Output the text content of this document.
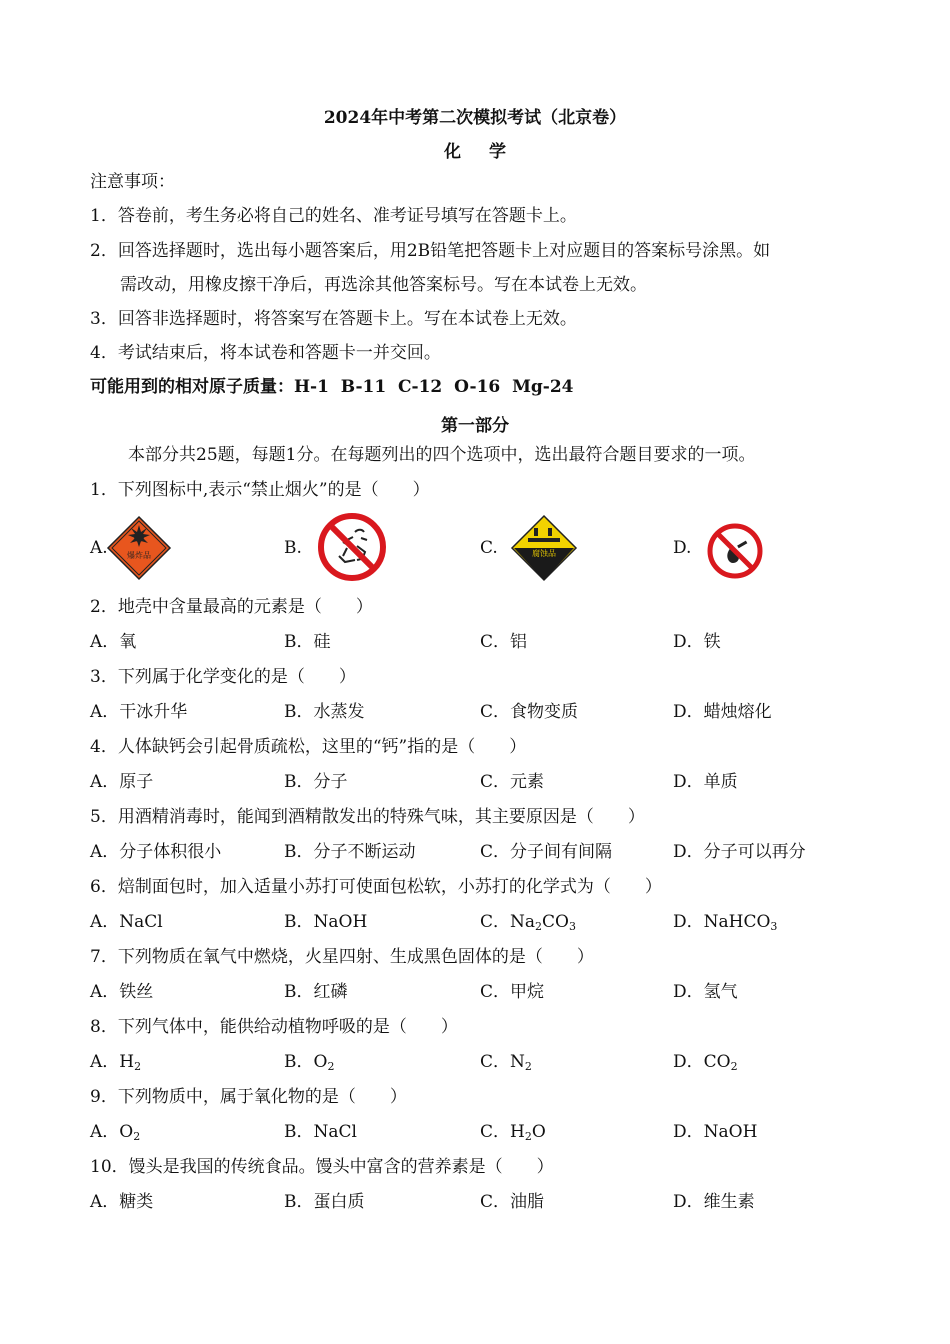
2024年中考第二次模拟考试（北京卷）
化学
注意事项：
1．答卷前，考生务必将自己的姓名、准考证号填写在答题卡上。
2．回答选择题时，选出每小题答案后，用2B铅笔把答题卡上对应题目的答案标号涂黑。如
需改动，用橡皮擦干净后，再选涂其他答案标号。写在本试卷上无效。
3．回答非选择题时，将答案写在答题卡上。写在本试卷上无效。
4．考试结束后，将本试卷和答题卡一并交回。
可能用到的相对原子质量：H-1  B-11  C-12  O-16  Mg-24
第一部分
本部分共25题，每题1分。在每题列出的四个选项中，选出最符合题目要求的一项。
1．下列图标中,表示“禁止烟火”的是（　　）
A. 爆炸品	B.	C.	腐蚀品	D.
2．地壳中含量最高的元素是（　　）
A．氧	B．硅	C．铝	D．铁
3．下列属于化学变化的是（　　）
A．干冰升华	B．水蒸发	C．食物变质	D．蜡烛熔化
4．人体缺钙会引起骨质疏松，这里的“钙”指的是（　　）
A．原子	B．分子	C．元素	D．单质
5．用酒精消毒时，能闻到酒精散发出的特殊气味，其主要原因是（　　）
A．分子体积很小	B．分子不断运动	C．分子间有间隔	D．分子可以再分
6．焙制面包时，加入适量小苏打可使面包松软，小苏打的化学式为（　　）
A．NaCl	B．NaOH	C．$Na_2CO_3$	D．NaHCO$_3$
7．下列物质在氧气中燃烧，火星四射、生成黑色固体的是（　　）
A．铁丝	B．红磷	C．甲烷	D．氢气
8．下列气体中，能供给动植物呼吸的是（　　）
A．$H_2$	B．$O_2$	C．$N_2$	D．$CO_2$
9．下列物质中，属于氧化物的是（　　）
A．$O_2$	B．NaCl	C．$H_2O$	D．NaOH
10．馒头是我国的传统食品。馒头中富含的营养素是（　　）
A．糖类	B．蛋白质	C．油脂	D．维生素
